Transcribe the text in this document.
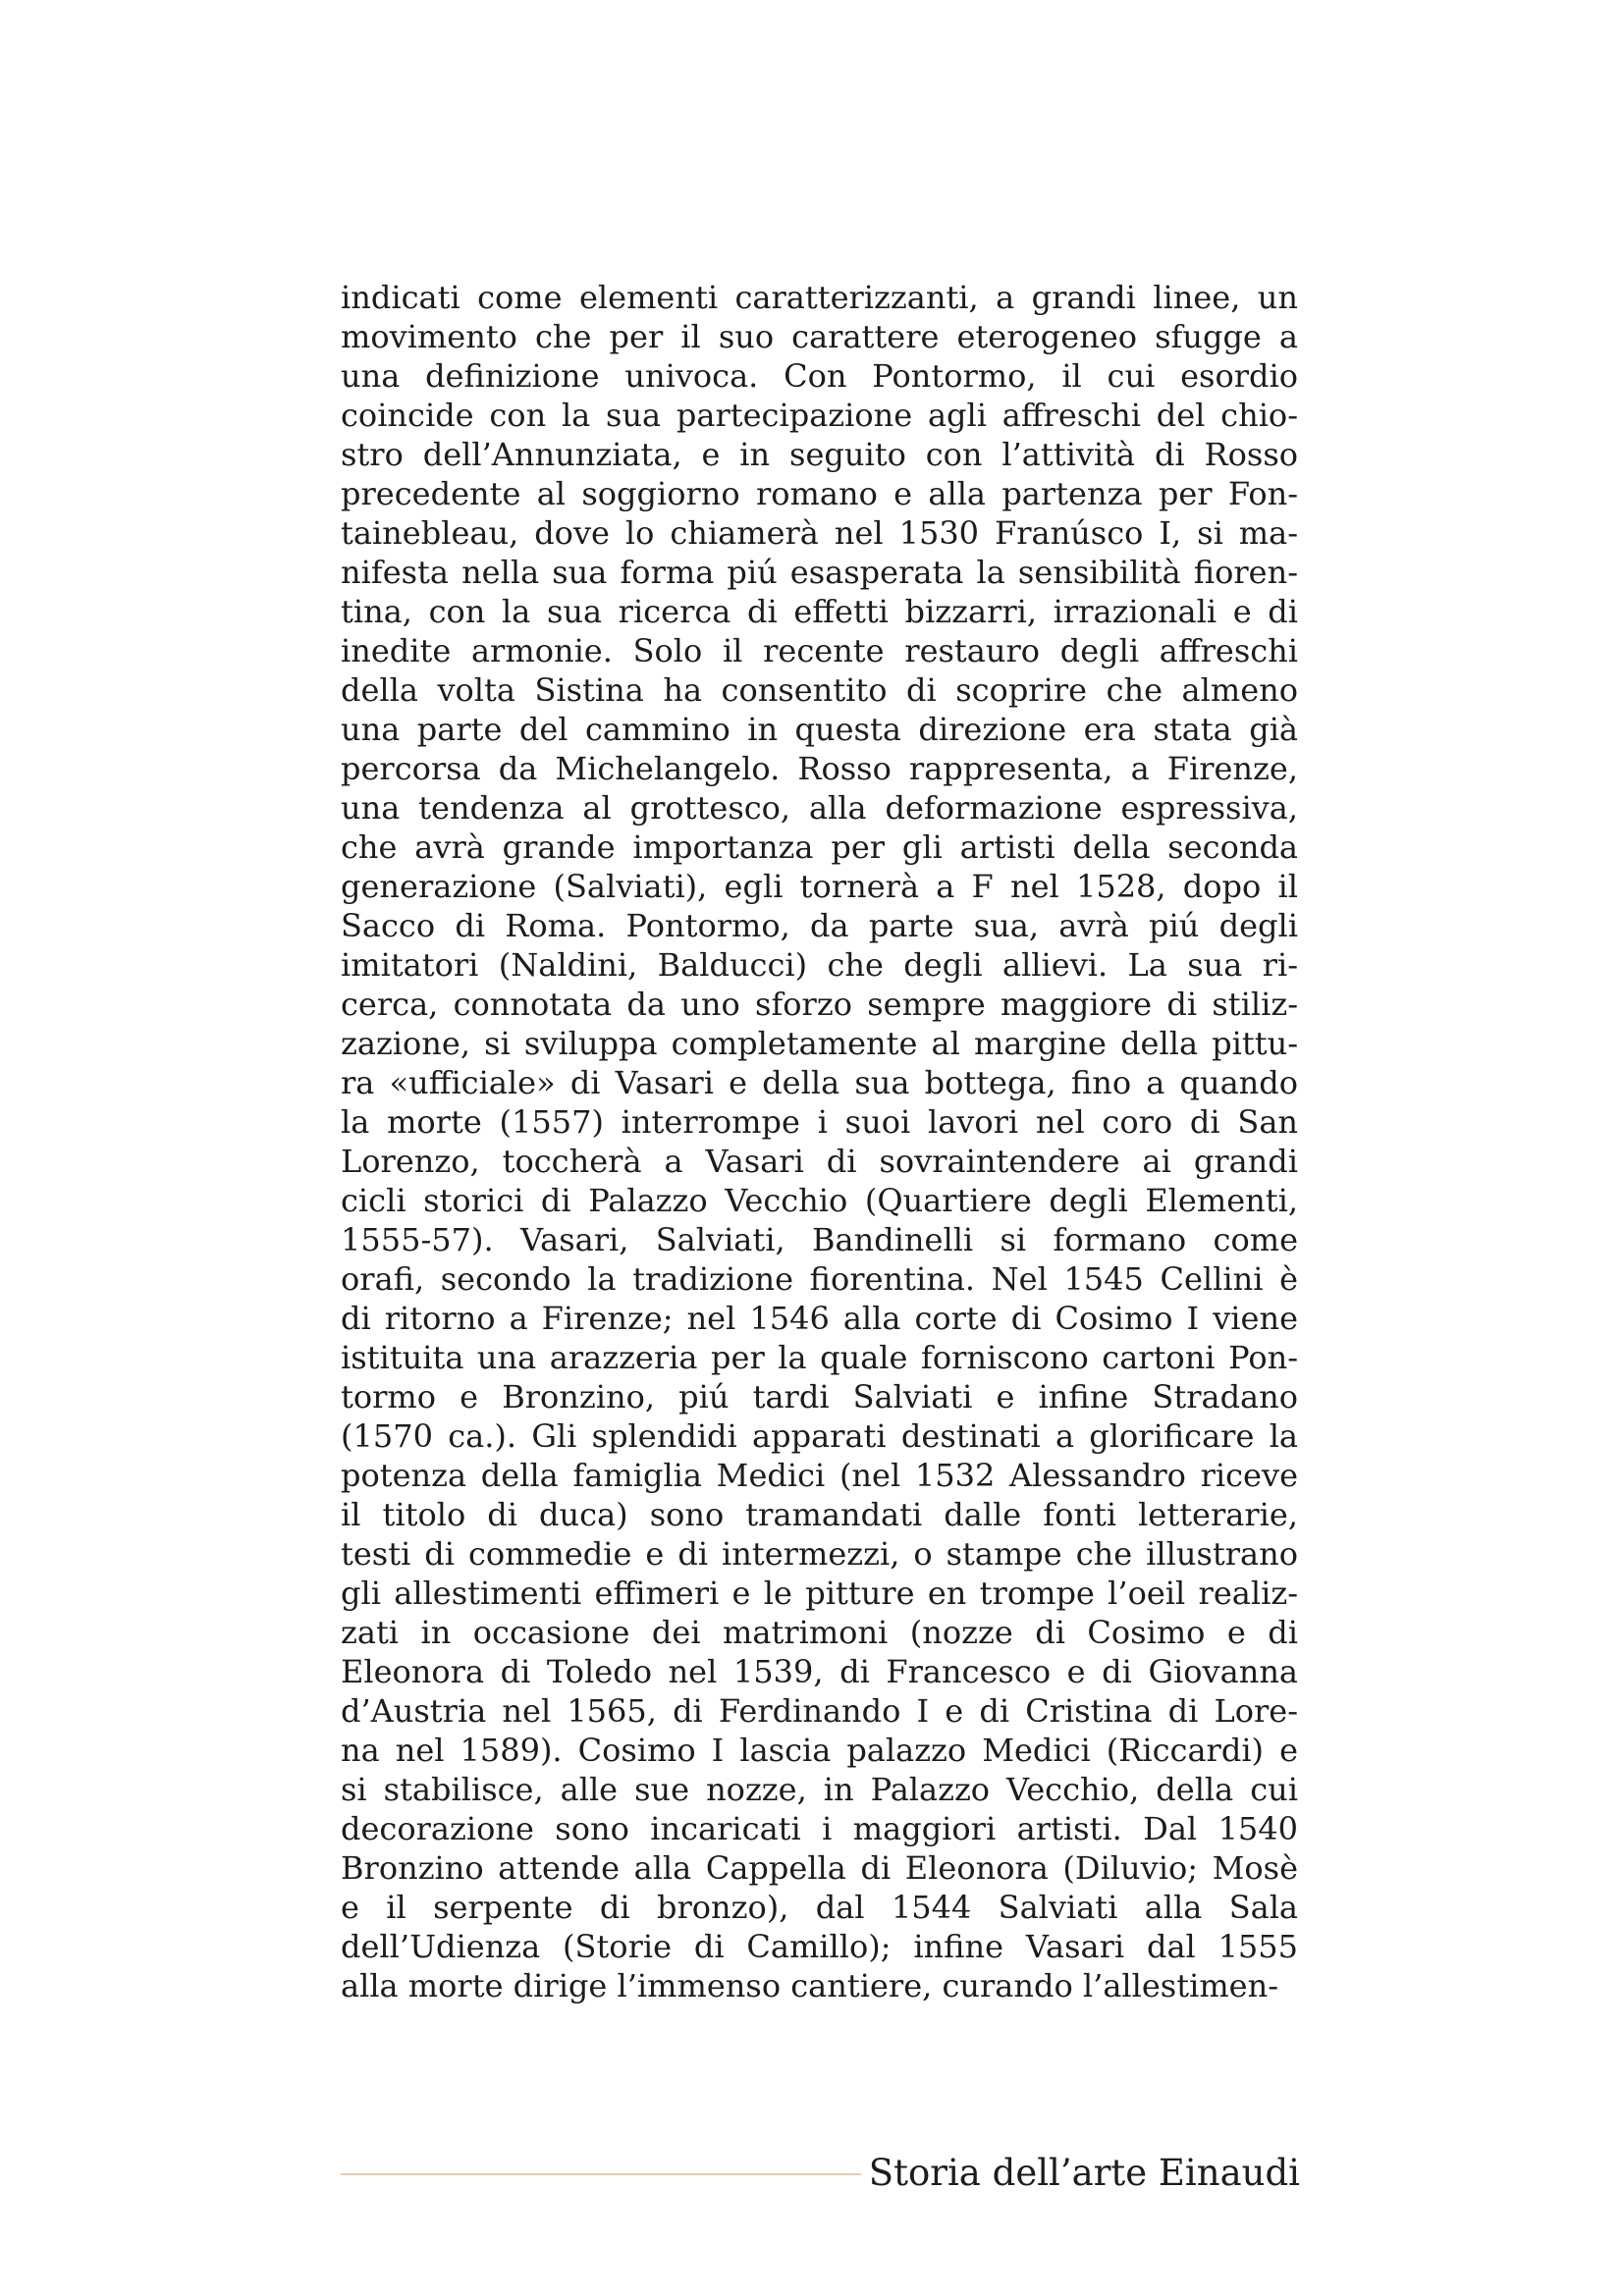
indicati come elementi caratterizzanti, a grandi linee, un
movimento che per il suo carattere eterogeneo sfugge a
una definizione univoca. Con Pontormo, il cui esordio
coincide con la sua partecipazione agli affreschi del chio-
stro dell’Annunziata, e in seguito con l’attività di Rosso
precedente al soggiorno romano e alla partenza per Fon-
tainebleau, dove lo chiamerà nel 1530 Franúsco I, si ma-
nifesta nella sua forma piú esasperata la sensibilità fioren-
tina, con la sua ricerca di effetti bizzarri, irrazionali e di
inedite armonie. Solo il recente restauro degli affreschi
della volta Sistina ha consentito di scoprire che almeno
una parte del cammino in questa direzione era stata già
percorsa da Michelangelo. Rosso rappresenta, a Firenze,
una tendenza al grottesco, alla deformazione espressiva,
che avrà grande importanza per gli artisti della seconda
generazione (Salviati), egli tornerà a F nel 1528, dopo il
Sacco di Roma. Pontormo, da parte sua, avrà piú degli
imitatori (Naldini, Balducci) che degli allievi. La sua ri-
cerca, connotata da uno sforzo sempre maggiore di stiliz-
zazione, si sviluppa completamente al margine della pittu-
ra «ufficiale» di Vasari e della sua bottega, fino a quando
la morte (1557) interrompe i suoi lavori nel coro di San
Lorenzo, toccherà a Vasari di sovraintendere ai grandi
cicli storici di Palazzo Vecchio (Quartiere degli Elementi,
1555-57). Vasari, Salviati, Bandinelli si formano come
orafi, secondo la tradizione fiorentina. Nel 1545 Cellini è
di ritorno a Firenze; nel 1546 alla corte di Cosimo I viene
istituita una arazzeria per la quale forniscono cartoni Pon-
tormo e Bronzino, piú tardi Salviati e infine Stradano
(1570 ca.). Gli splendidi apparati destinati a glorificare la
potenza della famiglia Medici (nel 1532 Alessandro riceve
il titolo di duca) sono tramandati dalle fonti letterarie,
testi di commedie e di intermezzi, o stampe che illustrano
gli allestimenti effimeri e le pitture en trompe l’oeil realiz-
zati in occasione dei matrimoni (nozze di Cosimo e di
Eleonora di Toledo nel 1539, di Francesco e di Giovanna
d’Austria nel 1565, di Ferdinando I e di Cristina di Lore-
na nel 1589). Cosimo I lascia palazzo Medici (Riccardi) e
si stabilisce, alle sue nozze, in Palazzo Vecchio, della cui
decorazione sono incaricati i maggiori artisti. Dal 1540
Bronzino attende alla Cappella di Eleonora (Diluvio; Mosè
e il serpente di bronzo), dal 1544 Salviati alla Sala
dell’Udienza (Storie di Camillo); infine Vasari dal 1555
alla morte dirige l’immenso cantiere, curando l’allestimen-
Storia dell’arte Einaudi
